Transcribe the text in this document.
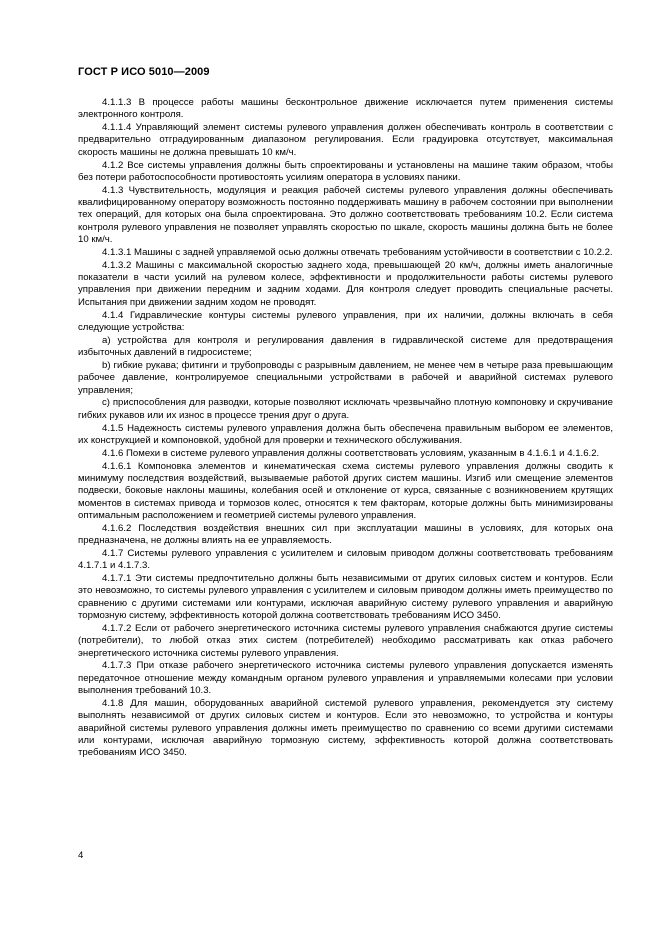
ГОСТ Р ИСО 5010—2009

4.1.1.3 В процессе работы машины бесконтрольное движение исключается путем применения системы электронного контроля.

4.1.1.4 Управляющий элемент системы рулевого управления должен обеспечивать контроль в соответствии с предварительно отградуированным диапазоном регулирования. Если градуировка отсутствует, максимальная скорость машины не должна превышать 10 км/ч.

4.1.2 Все системы управления должны быть спроектированы и установлены на машине таким образом, чтобы без потери работоспособности противостоять усилиям оператора в условиях паники.

4.1.3 Чувствительность, модуляция и реакция рабочей системы рулевого управления должны обеспечивать квалифицированному оператору возможность постоянно поддерживать машину в рабочем состоянии при выполнении тех операций, для которых она была спроектирована. Это должно соответствовать требованиям 10.2. Если система контроля рулевого управления не позволяет управлять скоростью по шкале, скорость машины должна быть не более 10 км/ч.

4.1.3.1 Машины с задней управляемой осью должны отвечать требованиям устойчивости в соответствии с 10.2.2.

4.1.3.2 Машины с максимальной скоростью заднего хода, превышающей 20 км/ч, должны иметь аналогичные показатели в части усилий на рулевом колесе, эффективности и продолжительности работы системы рулевого управления при движении передним и задним ходами. Для контроля следует проводить специальные расчеты. Испытания при движении задним ходом не проводят.

4.1.4 Гидравлические контуры системы рулевого управления, при их наличии, должны включать в себя следующие устройства:

a) устройства для контроля и регулирования давления в гидравлической системе для предотвращения избыточных давлений в гидросистеме;

b) гибкие рукава; фитинги и трубопроводы с разрывным давлением, не менее чем в четыре раза превышающим рабочее давление, контролируемое специальными устройствами в рабочей и аварийной системах рулевого управления;

c) приспособления для разводки, которые позволяют исключать чрезвычайно плотную компоновку и скручивание гибких рукавов или их износ в процессе трения друг о друга.

4.1.5 Надежность системы рулевого управления должна быть обеспечена правильным выбором ее элементов, их конструкцией и компоновкой, удобной для проверки и технического обслуживания.

4.1.6 Помехи в системе рулевого управления должны соответствовать условиям, указанным в 4.1.6.1 и 4.1.6.2.

4.1.6.1 Компоновка элементов и кинематическая схема системы рулевого управления должны сводить к минимуму последствия воздействий, вызываемые работой других систем машины. Изгиб или смещение элементов подвески, боковые наклоны машины, колебания осей и отклонение от курса, связанные с возникновением крутящих моментов в системах привода и тормозов колес, относятся к тем факторам, которые должны быть минимизированы оптимальным расположением и геометрией системы рулевого управления.

4.1.6.2 Последствия воздействия внешних сил при эксплуатации машины в условиях, для которых она предназначена, не должны влиять на ее управляемость.

4.1.7 Системы рулевого управления с усилителем и силовым приводом должны соответствовать требованиям 4.1.7.1 и 4.1.7.3.

4.1.7.1 Эти системы предпочтительно должны быть независимыми от других силовых систем и контуров. Если это невозможно, то системы рулевого управления с усилителем и силовым приводом должны иметь преимущество по сравнению с другими системами или контурами, исключая аварийную систему рулевого управления и аварийную тормозную систему, эффективность которой должна соответствовать требованиям ИСО 3450.

4.1.7.2 Если от рабочего энергетического источника системы рулевого управления снабжаются другие системы (потребители), то любой отказ этих систем (потребителей) необходимо рассматривать как отказ рабочего энергетического источника системы рулевого управления.

4.1.7.3 При отказе рабочего энергетического источника системы рулевого управления допускается изменять передаточное отношение между командным органом рулевого управления и управляемыми колесами при условии выполнения требований 10.3.

4.1.8 Для машин, оборудованных аварийной системой рулевого управления, рекомендуется эту систему выполнять независимой от других силовых систем и контуров. Если это невозможно, то устройства и контуры аварийной системы рулевого управления должны иметь преимущество по сравнению со всеми другими системами или контурами, исключая аварийную тормозную систему, эффективность которой должна соответствовать требованиям ИСО 3450.

4
